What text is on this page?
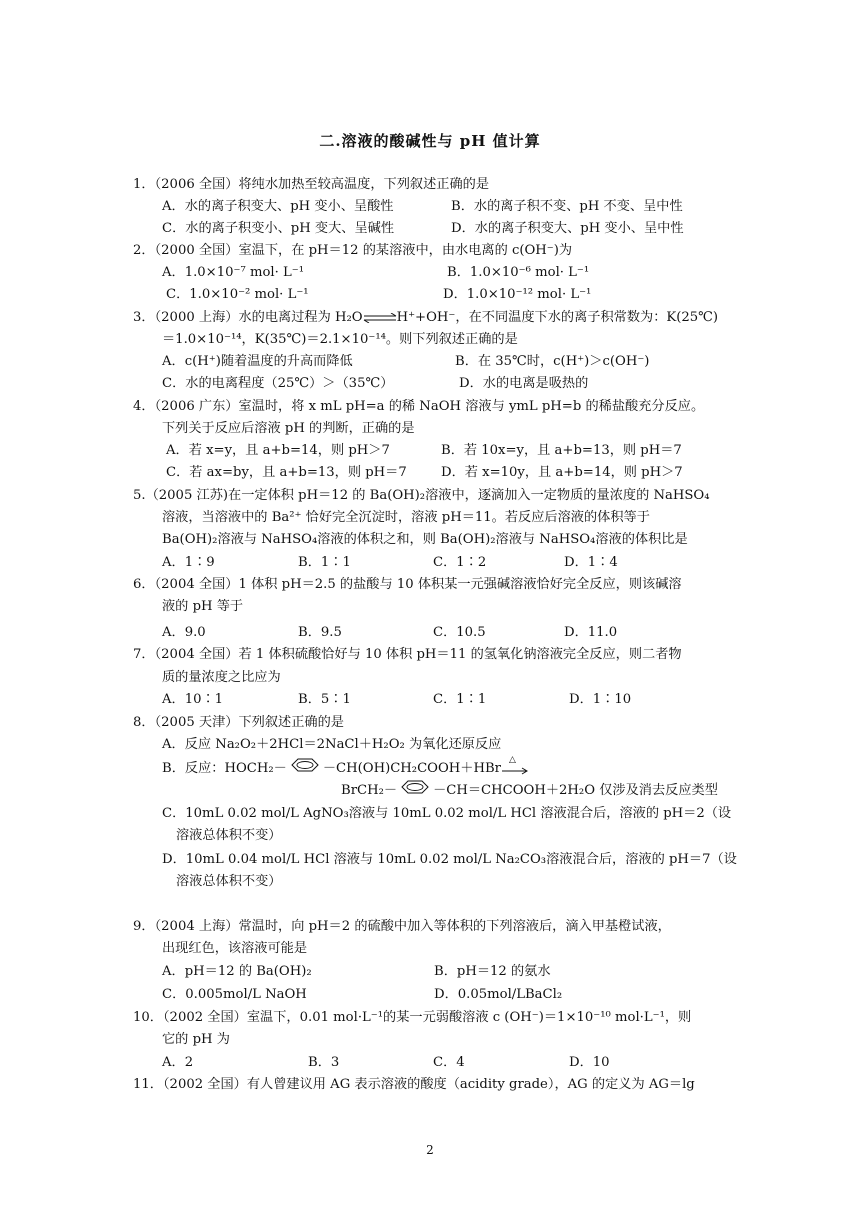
二.溶液的酸碱性与 pH 值计算
1．（2006 全国）将纯水加热至较高温度，下列叙述正确的是
A．水的离子积变大、pH 变小、呈酸性	B．水的离子积不变、pH 不变、呈中性
C．水的离子积变小、pH 变大、呈碱性	D．水的离子积变大、pH 变小、呈中性
2．（2000 全国）室温下，在 pH＝12 的某溶液中，由水电离的 c(OH⁻)为
A．1.0×10⁻⁷ mol· L⁻¹	B．1.0×10⁻⁶ mol· L⁻¹
C．1.0×10⁻² mol· L⁻¹	D．1.0×10⁻¹² mol· L⁻¹
3．（2000 上海）水的电离过程为 H₂O⇌H⁺+OH⁻，在不同温度下水的离子积常数为：K(25℃)
＝1.0×10⁻¹⁴，K(35℃)＝2.1×10⁻¹⁴。则下列叙述正确的是
A．c(H⁺)随着温度的升高而降低	B．在 35℃时，c(H⁺)＞c(OH⁻)
C．水的电离程度（25℃）＞（35℃）	D．水的电离是吸热的
4．（2006 广东）室温时，将 x mL pH=a 的稀 NaOH 溶液与 ymL pH=b 的稀盐酸充分反应。
下列关于反应后溶液 pH 的判断，正确的是
A．若 x=y，且 a+b=14，则 pH＞7	B．若 10x=y，且 a+b=13，则 pH＝7
C．若 ax=by，且 a+b=13，则 pH＝7	D．若 x=10y，且 a+b=14，则 pH＞7
5.（2005 江苏)在一定体积 pH＝12 的 Ba(OH)₂溶液中，逐滴加入一定物质的量浓度的 NaHSO₄
溶液，当溶液中的 Ba²⁺ 恰好完全沉淀时，溶液 pH＝11。若反应后溶液的体积等于
Ba(OH)₂溶液与 NaHSO₄溶液的体积之和，则 Ba(OH)₂溶液与 NaHSO₄溶液的体积比是
A．1∶9	B．1∶1	C．1∶2	D．1∶4
6．（2004 全国）1 体积 pH＝2.5 的盐酸与 10 体积某一元强碱溶液恰好完全反应，则该碱溶
液的 pH 等于
A．9.0	B．9.5	C．10.5	D．11.0
7．（2004 全国）若 1 体积硫酸恰好与 10 体积 pH＝11 的氢氧化钠溶液完全反应，则二者物
质的量浓度之比应为
A．10∶1	B．5∶1	C．1∶1	D．1∶10
8．（2005 天津）下列叙述正确的是
A．反应 Na₂O₂＋2HCl＝2NaCl＋H₂O₂ 为氧化还原反应
B．反应：HOCH₂－	－CH(OH)CH₂COOH＋HBr
△
BrCH₂－	－CH＝CHCOOH＋2H₂O 仅涉及消去反应类型
C．10mL 0.02 mol/L AgNO₃溶液与 10mL 0.02 mol/L HCl 溶液混合后，溶液的 pH＝2（设
溶液总体积不变）
D．10mL 0.04 mol/L HCl 溶液与 10mL 0.02 mol/L Na₂CO₃溶液混合后，溶液的 pH＝7（设
溶液总体积不变）
9．（2004 上海）常温时，向 pH＝2 的硫酸中加入等体积的下列溶液后，滴入甲基橙试液，
出现红色，该溶液可能是
A．pH＝12 的 Ba(OH)₂	B．pH＝12 的氨水
C．0.005mol/L NaOH	D．0.05mol/LBaCl₂
10．（2002 全国）室温下，0.01 mol·L⁻¹的某一元弱酸溶液 c (OH⁻)＝1×10⁻¹⁰ mol·L⁻¹，则
它的 pH 为
A．2	B．3	C．4	D．10
11．（2002 全国）有人曾建议用 AG 表示溶液的酸度（acidity grade），AG 的定义为 AG＝lg
2
